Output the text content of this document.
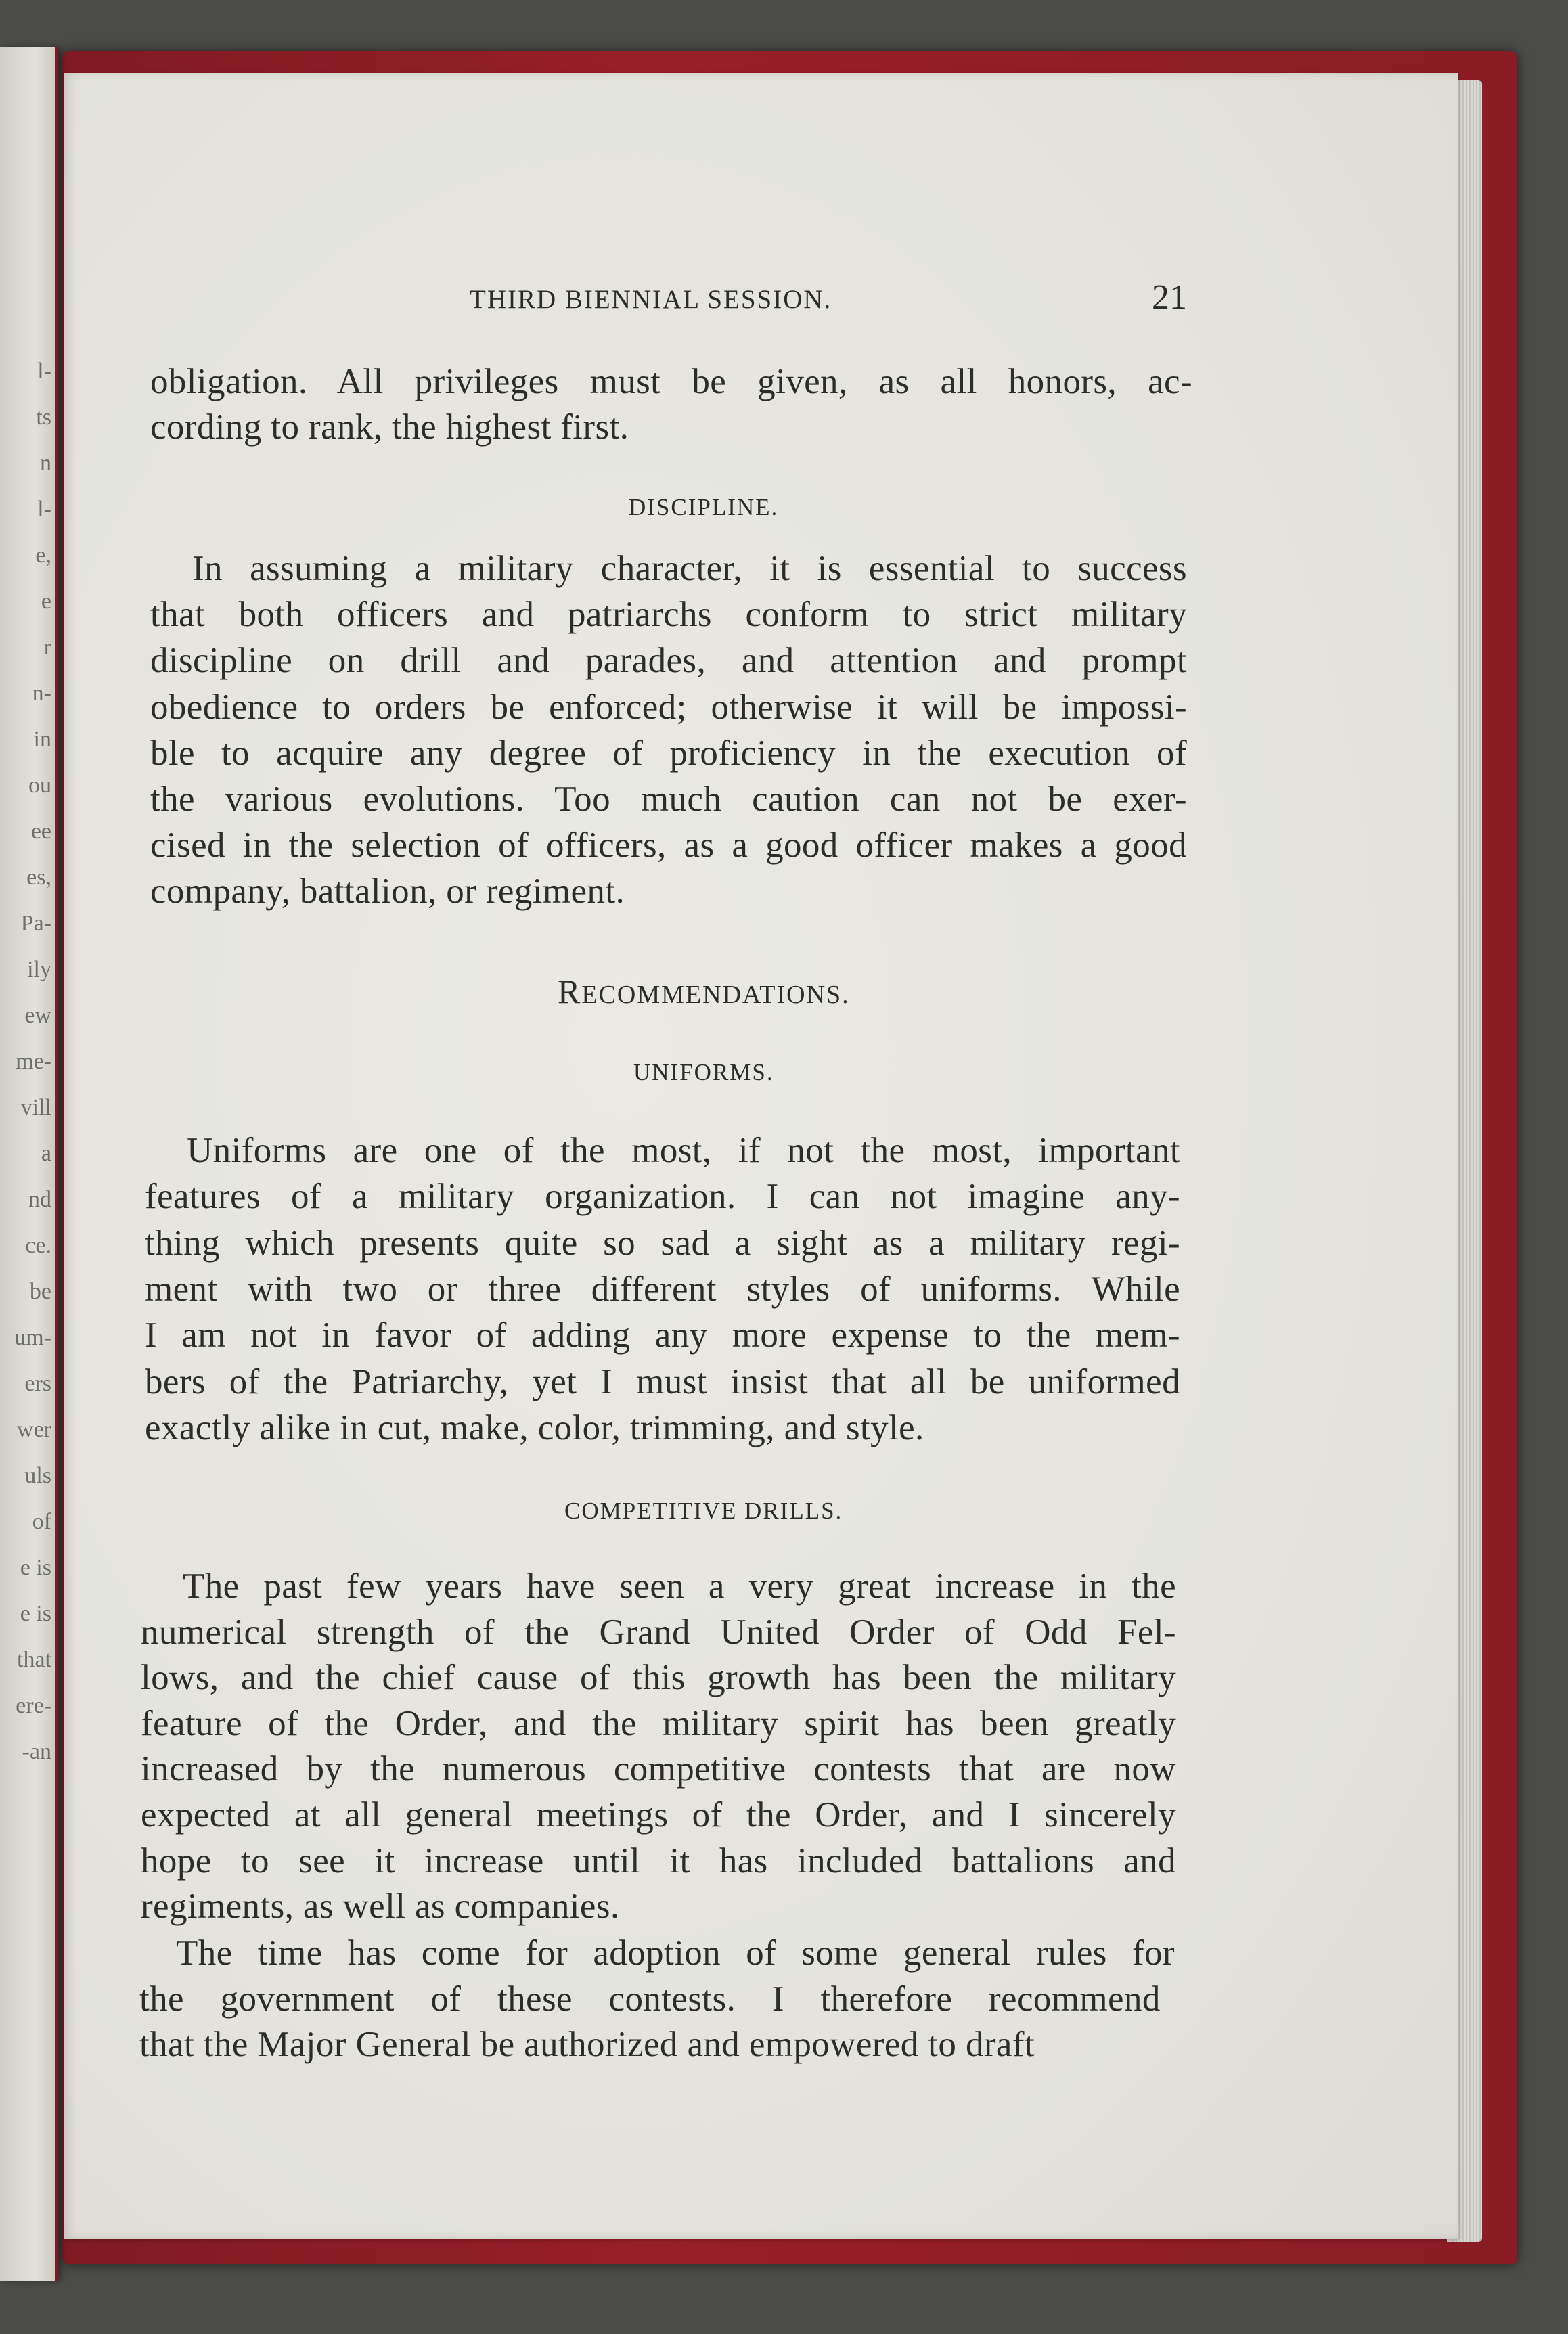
l-
ts
n
l-
e,
e
r
n-
in
ou
ee
es,
Pa-
ily
ew
me-
vill
a
nd
ce.
be
um-
ers
wer
uls
of
e is
e is
that
ere-
-an
THIRD BIENNIAL SESSION.	21
obligation. All privileges must be given, as all honors, ac-
cording to rank, the highest first.
DISCIPLINE.
In assuming a military character, it is essential to success
that both officers and patriarchs conform to strict military
discipline on drill and parades, and attention and prompt
obedience to orders be enforced; otherwise it will be impossi-
ble to acquire any degree of proficiency in the execution of
the various evolutions. Too much caution can not be exer-
cised in the selection of officers, as a good officer makes a good
company, battalion, or regiment.
RECOMMENDATIONS.
UNIFORMS.
Uniforms are one of the most, if not the most, important
features of a military organization. I can not imagine any-
thing which presents quite so sad a sight as a military regi-
ment with two or three different styles of uniforms. While
I am not in favor of adding any more expense to the mem-
bers of the Patriarchy, yet I must insist that all be uniformed
exactly alike in cut, make, color, trimming, and style.
COMPETITIVE DRILLS.
The past few years have seen a very great increase in the
numerical strength of the Grand United Order of Odd Fel-
lows, and the chief cause of this growth has been the military
feature of the Order, and the military spirit has been greatly
increased by the numerous competitive contests that are now
expected at all general meetings of the Order, and I sincerely
hope to see it increase until it has included battalions and
regiments, as well as companies.
The time has come for adoption of some general rules for
the government of these contests. I therefore recommend
that the Major General be authorized and empowered to draft
